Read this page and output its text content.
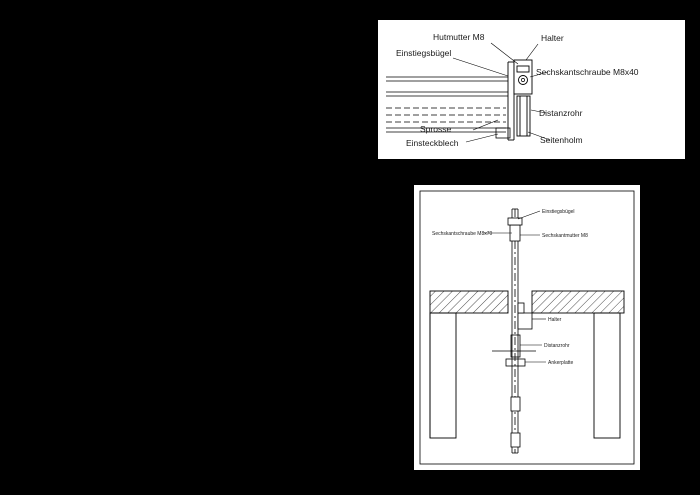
Hutmutter M8	Halter
Einstiegsbügel
Sechskantschraube M8x40
Distanzrohr
Sprosse
Seitenholm
Einsteckblech
Einstiegsbügel
Sechskantschraube M8x70	Sechskantmutter M8
Halter
Distanzrohr
Ankerplatte
